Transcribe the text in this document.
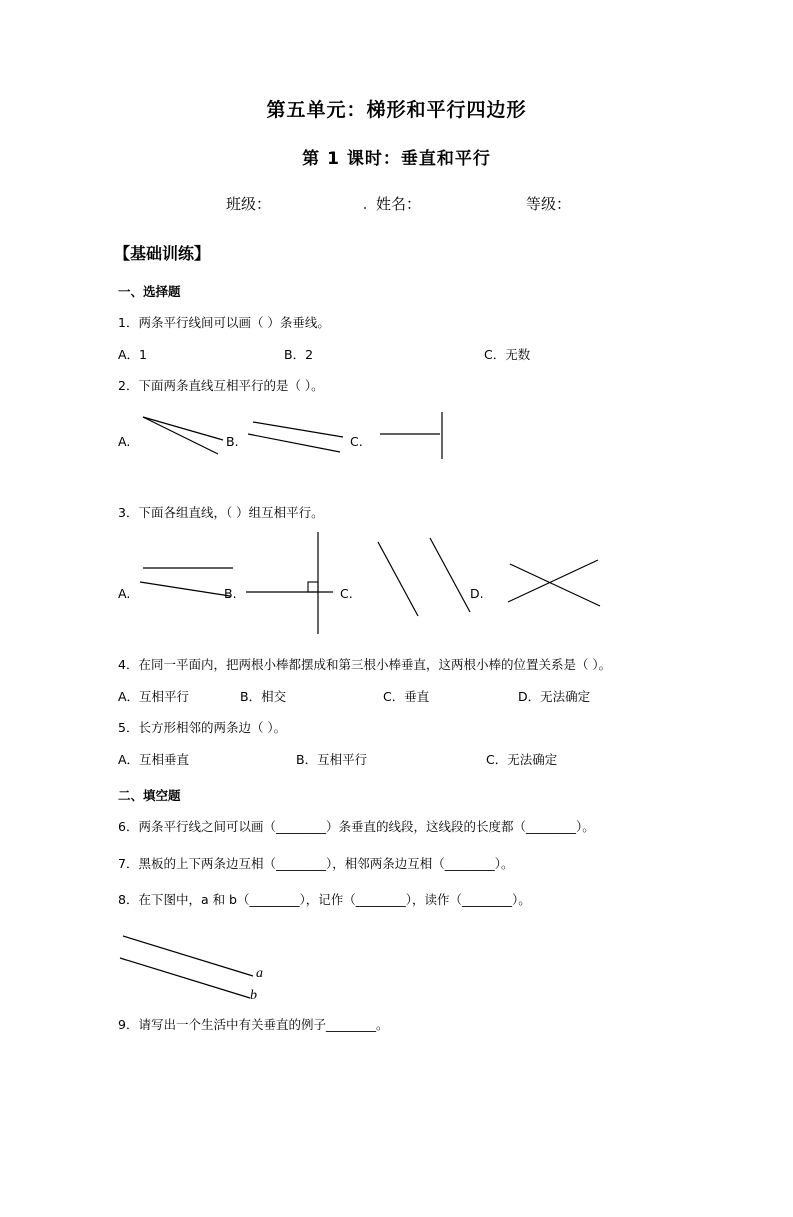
第五单元：梯形和平行四边形
第 1 课时：垂直和平行
班级：	姓名：	等级：
【基础训练】
一、选择题
1．两条平行线间可以画（ ）条垂线。
A．1	B．2	C．无数
2．下面两条直线互相平行的是（ ）。
A.	B.	C.
3．下面各组直线，（ ）组互相平行。
A.	B.	C.	D.
4．在同一平面内，把两根小棒都摆成和第三根小棒垂直，这两根小棒的位置关系是（ ）。
A．互相平行	B．相交	C．垂直	D．无法确定
5．长方形相邻的两条边（ ）。
A．互相垂直	B．互相平行	C．无法确定
二、填空题
6．两条平行线之间可以画（________）条垂直的线段，这线段的长度都（________）。
7．黑板的上下两条边互相（________），相邻两条边互相（________）。
8．在下图中，a 和 b（________），记作（________），读作（________）。
a
b
9．请写出一个生活中有关垂直的例子________。
